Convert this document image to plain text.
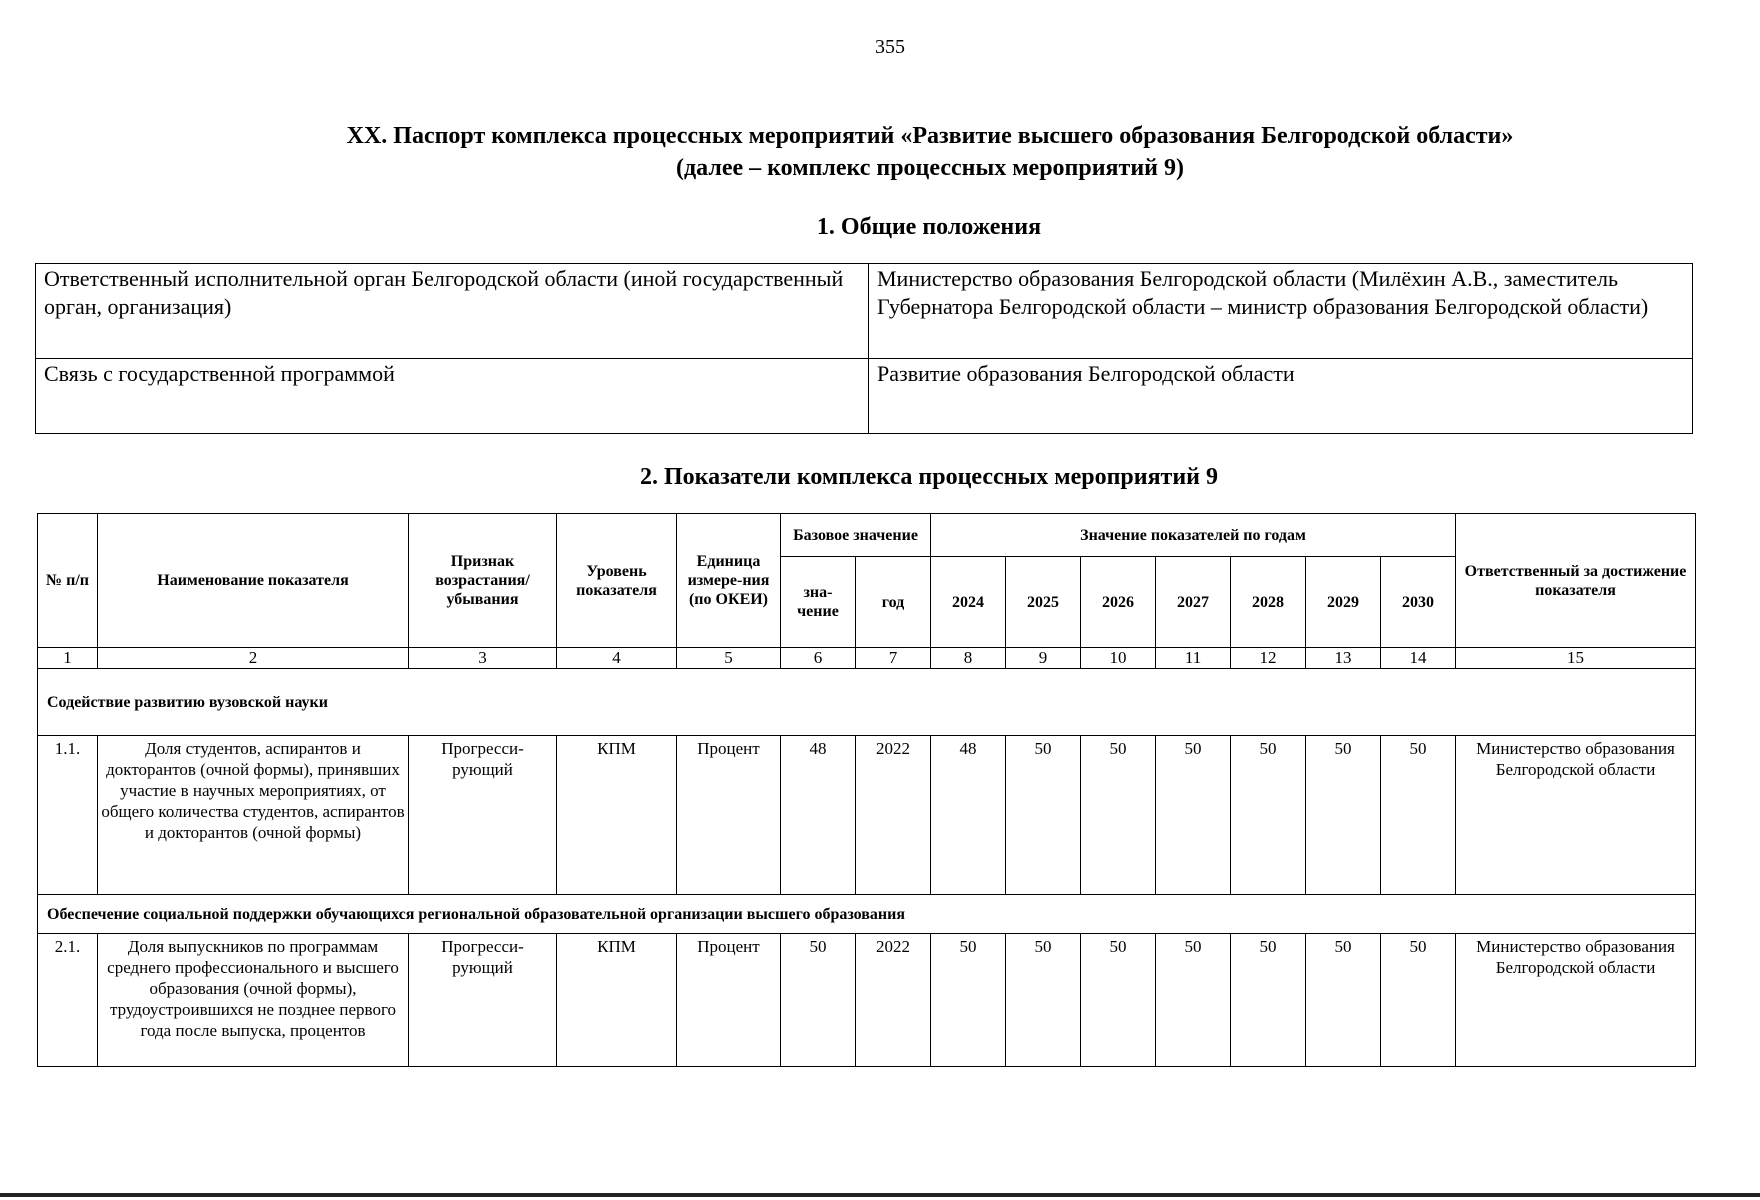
355
XX. Паспорт комплекса процессных мероприятий «Развитие высшего образования Белгородской области»
(далее – комплекс процессных мероприятий 9)
1. Общие положения
Ответственный исполнительной орган Белгородской области (иной государственный орган, организация)	Министерство образования Белгородской области (Милёхин А.В., заместитель Губернатора Белгородской области – министр образования Белгородской области)
Связь с государственной программой	Развитие образования Белгородской области
2. Показатели комплекса процессных мероприятий 9
№ п/п	Наименование показателя	Признак возрастания/ убывания	Уровень показателя	Единица измере-ния (по ОКЕИ)	Базовое значение		Значение показателей по годам							Ответственный за достижение показателя
					зна-чение	год	2024	2025	2026	2027	2028	2029	2030	
1	2	3	4	5	6	7	8	9	10	11	12	13	14	15
Содействие развитию вузовской науки														
1.1.	Доля студентов, аспирантов и докторантов (очной формы), принявших участие в научных мероприятиях, от общего количества студентов, аспирантов и докторантов (очной формы)	Прогресси-рующий	КПМ	Процент	48	2022	48	50	50	50	50	50	50	Министерство образования Белгородской области
Обеспечение социальной поддержки обучающихся региональной образовательной организации высшего образования														
2.1.	Доля выпускников по программам среднего профессионального и высшего образования (очной формы), трудоустроившихся не позднее первого года после выпуска, процентов	Прогресси-рующий	КПМ	Процент	50	2022	50	50	50	50	50	50	50	Министерство образования Белгородской области
